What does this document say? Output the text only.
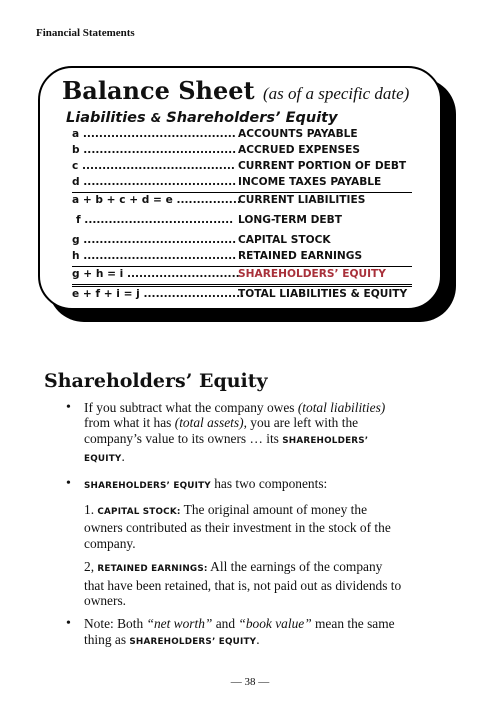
Financial Statements
Balance Sheet (as of a specific date)
Liabilities & Shareholders’ Equity
a ...................................... ACCOUNTS PAYABLE
b ...................................... ACCRUED EXPENSES
c ...................................... CURRENT PORTION OF DEBT
d ...................................... INCOME TAXES PAYABLE
a + b + c + d = e ................
CURRENT LIABILITIES
f ..................................... LONG-TERM DEBT
g ...................................... CAPITAL STOCK
h ...................................... RETAINED EARNINGS
g + h = i ............................
SHAREHOLDERS’ EQUITY
e + f + i = j .........................
TOTAL LIABILITIES & EQUITY
Shareholders’ Equity
• If you subtract what the company owes (total liabilities) from what it has (total assets), you are left with the company’s value to its owners … its SHAREHOLDERS’ EQUITY.
• SHAREHOLDERS’ EQUITY has two components:
1. CAPITAL STOCK: The original amount of money the owners contributed as their investment in the stock of the company.
2, RETAINED EARNINGS: All the earnings of the company that have been retained, that is, not paid out as dividends to owners.
• Note: Both “net worth” and “book value” mean the same thing as SHAREHOLDERS’ EQUITY.
— 38 —
